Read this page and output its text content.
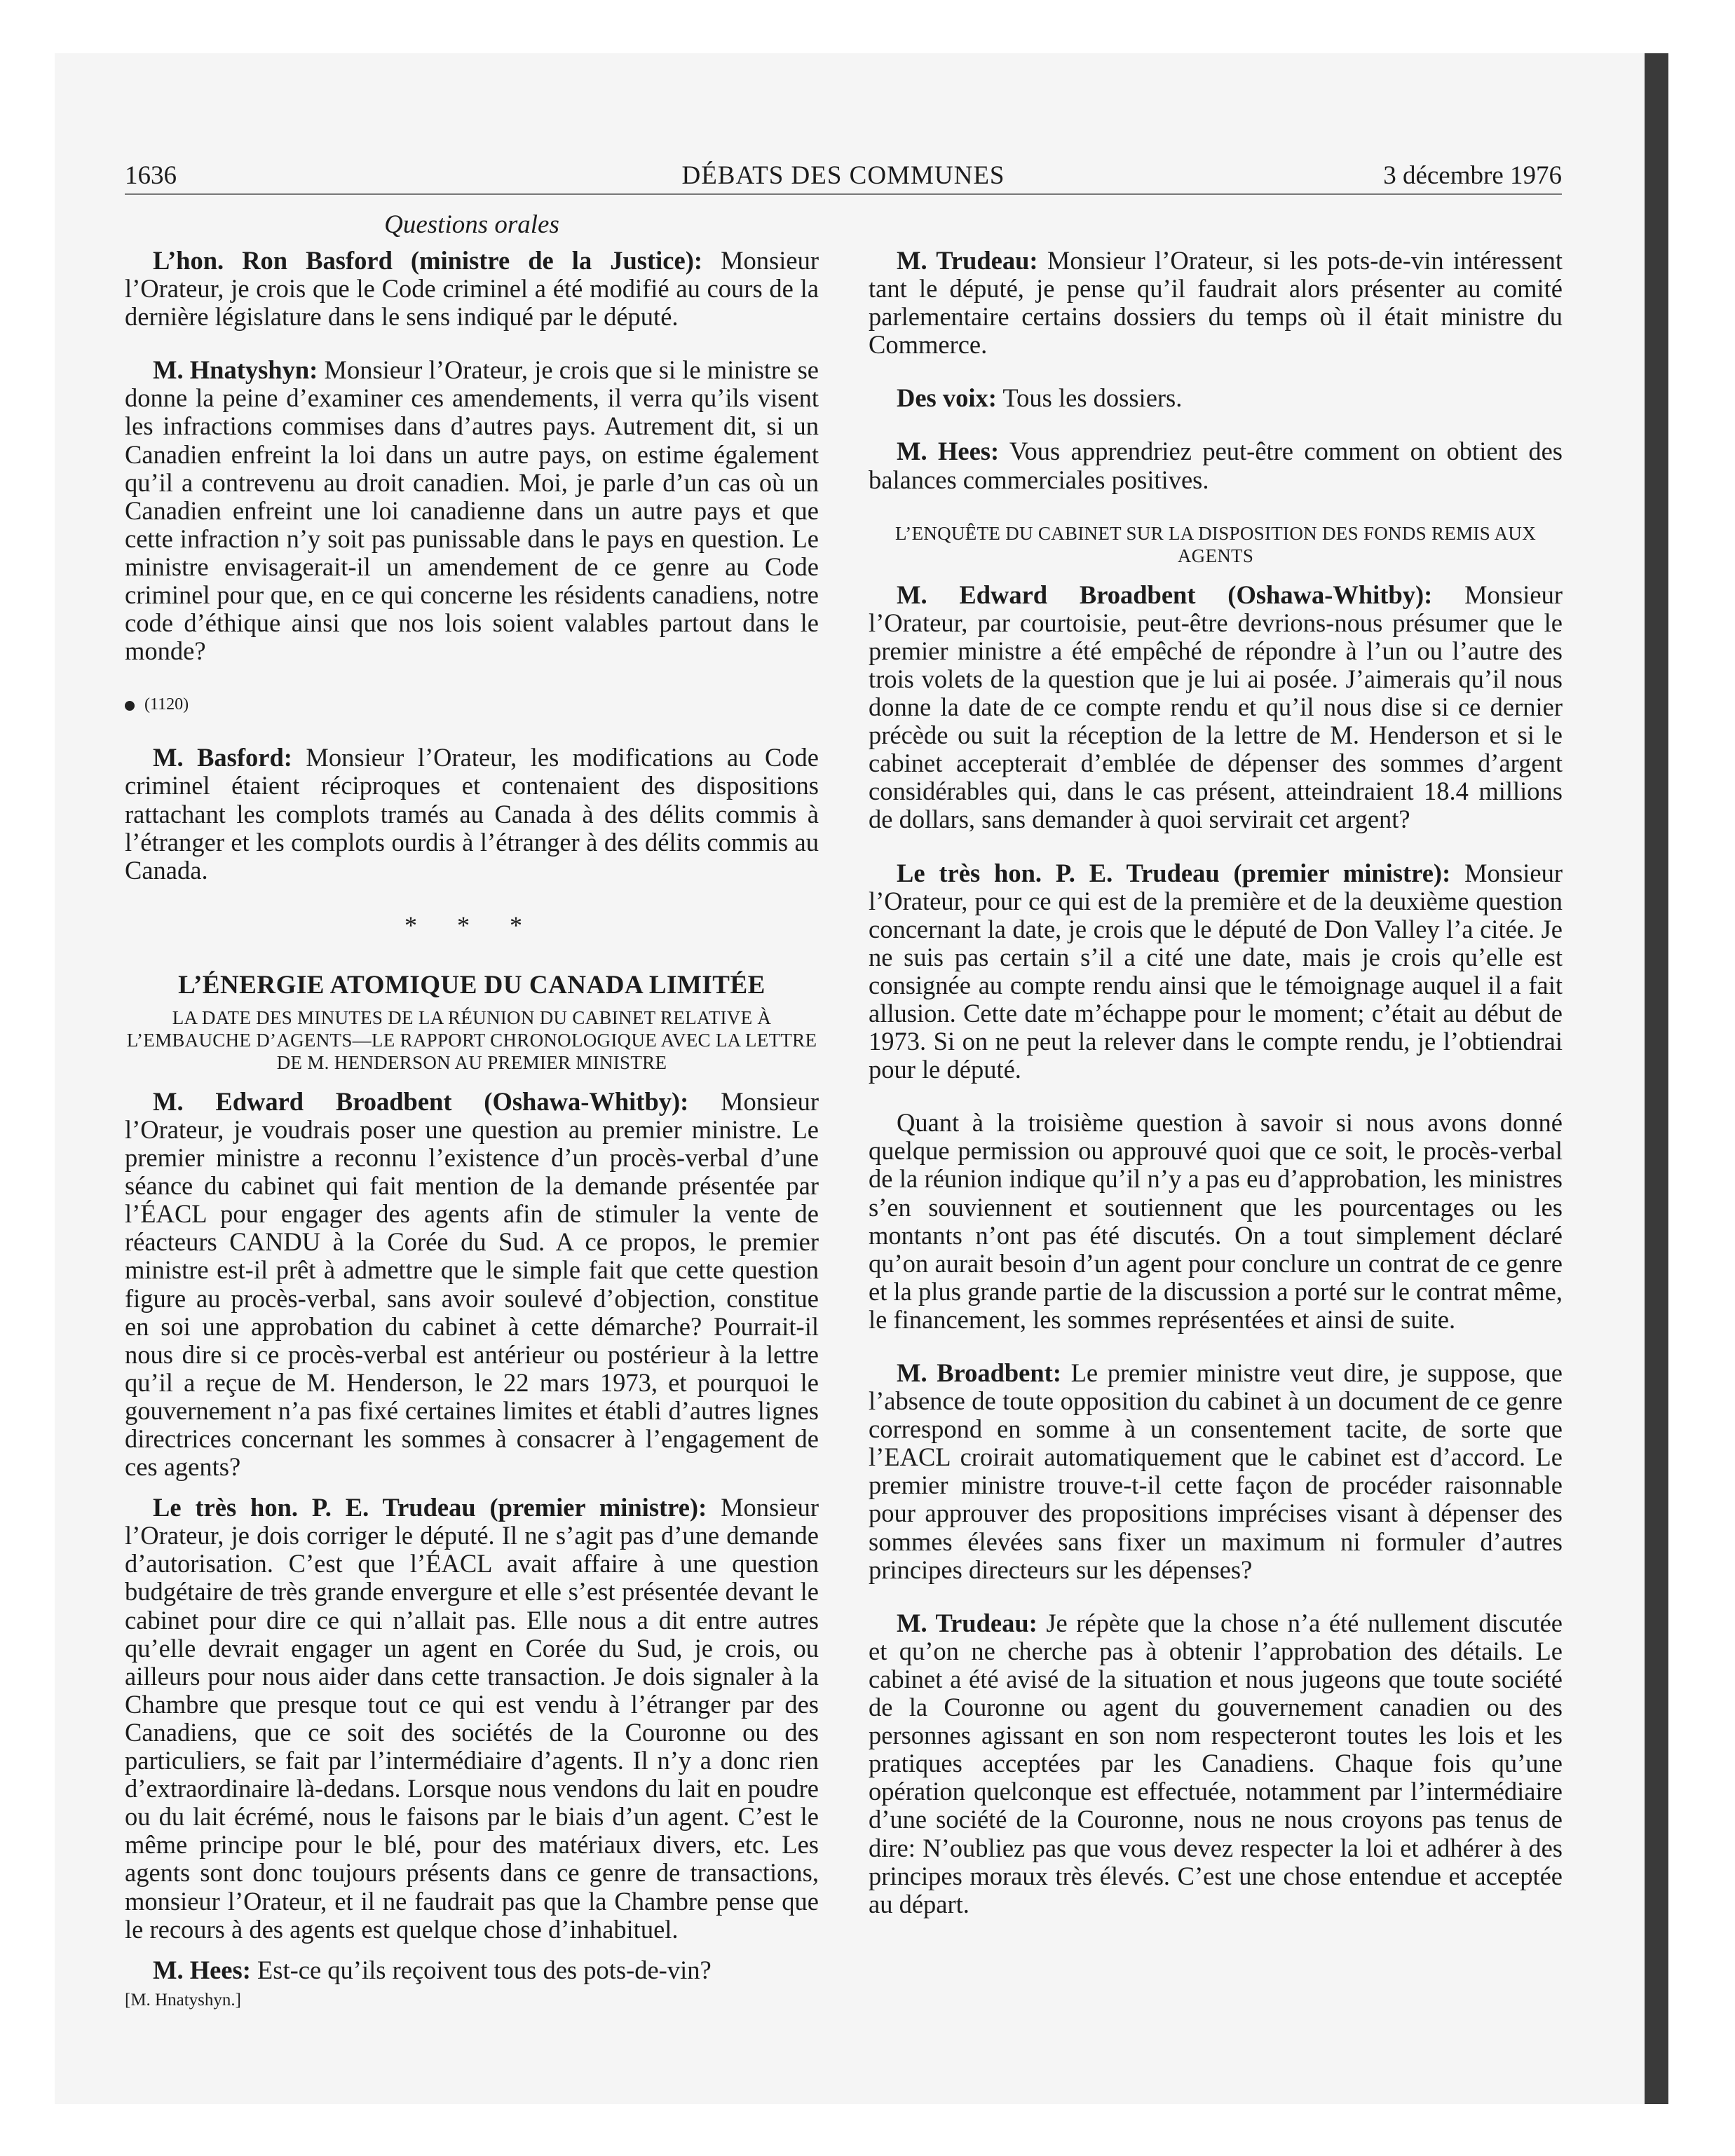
1636	DÉBATS DES COMMUNES	3 décembre 1976
Questions orales

L’hon. Ron Basford (ministre de la Justice): Monsieur l’Orateur, je crois que le Code criminel a été modifié au cours de la dernière législature dans le sens indiqué par le député.

M. Hnatyshyn: Monsieur l’Orateur, je crois que si le ministre se donne la peine d’examiner ces amendements, il verra qu’ils visent les infractions commises dans d’autres pays. Autrement dit, si un Canadien enfreint la loi dans un autre pays, on estime également qu’il a contrevenu au droit canadien. Moi, je parle d’un cas où un Canadien enfreint une loi canadienne dans un autre pays et que cette infraction n’y soit pas punissable dans le pays en question. Le ministre envisagerait-il un amendement de ce genre au Code criminel pour que, en ce qui concerne les résidents canadiens, notre code d’éthique ainsi que nos lois soient valables partout dans le monde?

(1120)

M. Basford: Monsieur l’Orateur, les modifications au Code criminel étaient réciproques et contenaient des dispositions rattachant les complots tramés au Canada à des délits commis à l’étranger et les complots ourdis à l’étranger à des délits commis au Canada.

* * *
L’ÉNERGIE ATOMIQUE DU CANADA LIMITÉE
LA DATE DES MINUTES DE LA RÉUNION DU CABINET RELATIVE À L’EMBAUCHE D’AGENTS—LE RAPPORT CHRONOLOGIQUE AVEC LA LETTRE DE M. HENDERSON AU PREMIER MINISTRE

M. Edward Broadbent (Oshawa-Whitby): Monsieur l’Orateur, je voudrais poser une question au premier ministre. Le premier ministre a reconnu l’existence d’un procès-verbal d’une séance du cabinet qui fait mention de la demande présentée par l’ÉACL pour engager des agents afin de stimuler la vente de réacteurs CANDU à la Corée du Sud. A ce propos, le premier ministre est-il prêt à admettre que le simple fait que cette question figure au procès-verbal, sans avoir soulevé d’objection, constitue en soi une approbation du cabinet à cette démarche? Pourrait-il nous dire si ce procès-verbal est antérieur ou postérieur à la lettre qu’il a reçue de M. Henderson, le 22 mars 1973, et pourquoi le gouvernement n’a pas fixé certaines limites et établi d’autres lignes directrices concernant les sommes à consacrer à l’engagement de ces agents?

Le très hon. P. E. Trudeau (premier ministre): Monsieur l’Orateur, je dois corriger le député. Il ne s’agit pas d’une demande d’autorisation. C’est que l’ÉACL avait affaire à une question budgétaire de très grande envergure et elle s’est présentée devant le cabinet pour dire ce qui n’allait pas. Elle nous a dit entre autres qu’elle devrait engager un agent en Corée du Sud, je crois, ou ailleurs pour nous aider dans cette transaction. Je dois signaler à la Chambre que presque tout ce qui est vendu à l’étranger par des Canadiens, que ce soit des sociétés de la Couronne ou des particuliers, se fait par l’intermédiaire d’agents. Il n’y a donc rien d’extraordinaire là-dedans. Lorsque nous vendons du lait en poudre ou du lait écrémé, nous le faisons par le biais d’un agent. C’est le même principe pour le blé, pour des matériaux divers, etc. Les agents sont donc toujours présents dans ce genre de transactions, monsieur l’Orateur, et il ne faudrait pas que la Chambre pense que le recours à des agents est quelque chose d’inhabituel.

M. Hees: Est-ce qu’ils reçoivent tous des pots-de-vin?

[M. Hnatyshyn.]

M. Trudeau: Monsieur l’Orateur, si les pots-de-vin intéressent tant le député, je pense qu’il faudrait alors présenter au comité parlementaire certains dossiers du temps où il était ministre du Commerce.

Des voix: Tous les dossiers.

M. Hees: Vous apprendriez peut-être comment on obtient des balances commerciales positives.

L’ENQUÊTE DU CABINET SUR LA DISPOSITION DES FONDS REMIS AUX AGENTS

M. Edward Broadbent (Oshawa-Whitby): Monsieur l’Orateur, par courtoisie, peut-être devrions-nous présumer que le premier ministre a été empêché de répondre à l’un ou l’autre des trois volets de la question que je lui ai posée. J’aimerais qu’il nous donne la date de ce compte rendu et qu’il nous dise si ce dernier précède ou suit la réception de la lettre de M. Henderson et si le cabinet accepterait d’emblée de dépenser des sommes d’argent considérables qui, dans le cas présent, atteindraient 18.4 millions de dollars, sans demander à quoi servirait cet argent?

Le très hon. P. E. Trudeau (premier ministre): Monsieur l’Orateur, pour ce qui est de la première et de la deuxième question concernant la date, je crois que le député de Don Valley l’a citée. Je ne suis pas certain s’il a cité une date, mais je crois qu’elle est consignée au compte rendu ainsi que le témoignage auquel il a fait allusion. Cette date m’échappe pour le moment; c’était au début de 1973. Si on ne peut la relever dans le compte rendu, je l’obtiendrai pour le député.

Quant à la troisième question à savoir si nous avons donné quelque permission ou approuvé quoi que ce soit, le procès-verbal de la réunion indique qu’il n’y a pas eu d’approbation, les ministres s’en souviennent et soutiennent que les pourcentages ou les montants n’ont pas été discutés. On a tout simplement déclaré qu’on aurait besoin d’un agent pour conclure un contrat de ce genre et la plus grande partie de la discussion a porté sur le contrat même, le financement, les sommes représentées et ainsi de suite.

M. Broadbent: Le premier ministre veut dire, je suppose, que l’absence de toute opposition du cabinet à un document de ce genre correspond en somme à un consentement tacite, de sorte que l’EACL croirait automatiquement que le cabinet est d’accord. Le premier ministre trouve-t-il cette façon de procéder raisonnable pour approuver des propositions imprécises visant à dépenser des sommes élevées sans fixer un maximum ni formuler d’autres principes directeurs sur les dépenses?

M. Trudeau: Je répète que la chose n’a été nullement discutée et qu’on ne cherche pas à obtenir l’approbation des détails. Le cabinet a été avisé de la situation et nous jugeons que toute société de la Couronne ou agent du gouvernement canadien ou des personnes agissant en son nom respecteront toutes les lois et les pratiques acceptées par les Canadiens. Chaque fois qu’une opération quelconque est effectuée, notamment par l’intermédiaire d’une société de la Couronne, nous ne nous croyons pas tenus de dire: N’oubliez pas que vous devez respecter la loi et adhérer à des principes moraux très élevés. C’est une chose entendue et acceptée au départ.
